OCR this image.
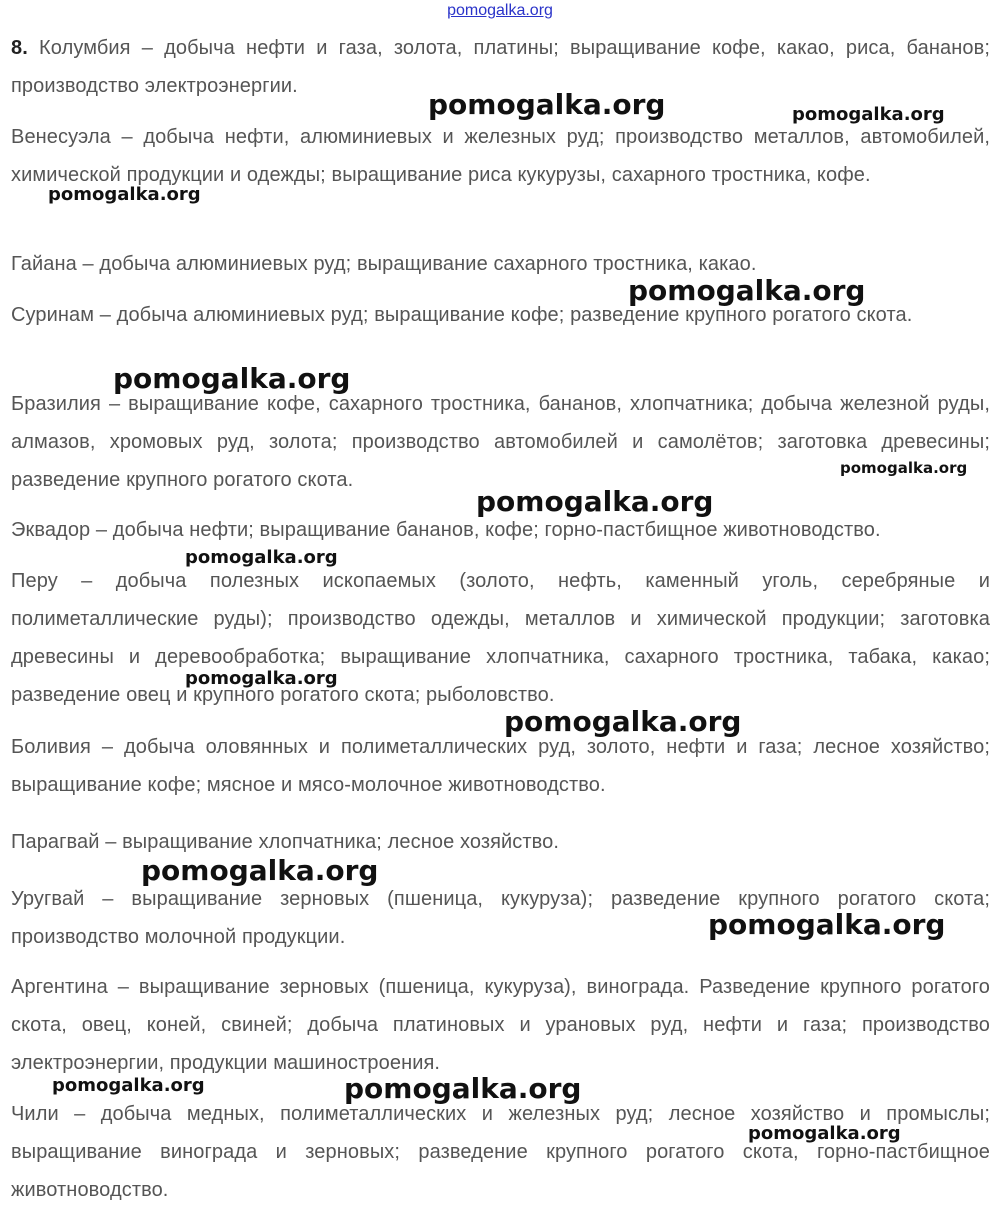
pomogalka.org
8. Колумбия – добыча нефти и газа, золота, платины; выращивание кофе, какао, риса, бананов; производство электроэнергии.
Венесуэла – добыча нефти, алюминиевых и железных руд; производство металлов, автомобилей, химической продукции и одежды; выращивание риса кукурузы, сахарного тростника, кофе.
Гайана – добыча алюминиевых руд; выращивание сахарного тростника, какао.
Суринам – добыча алюминиевых руд; выращивание кофе; разведение крупного рогатого скота.
Бразилия – выращивание кофе, сахарного тростника, бананов, хлопчатника; добыча железной руды, алмазов, хромовых руд, золота; производство автомобилей и самолётов; заготовка древесины; разведение крупного рогатого скота.
Эквадор – добыча нефти; выращивание бананов, кофе; горно-пастбищное животноводство.
Перу – добыча полезных ископаемых (золото, нефть, каменный уголь, серебряные и полиметаллические руды); производство одежды, металлов и химической продукции; заготовка древесины и деревообработка; выращивание хлопчатника, сахарного тростника, табака, какао; разведение овец и крупного рогатого скота; рыболовство.
Боливия – добыча оловянных и полиметаллических руд, золото, нефти и газа; лесное хозяйство; выращивание кофе; мясное и мясо-молочное животноводство.
Парагвай – выращивание хлопчатника; лесное хозяйство.
Уругвай – выращивание зерновых (пшеница, кукуруза); разведение крупного рогатого скота; производство молочной продукции.
Аргентина – выращивание зерновых (пшеница, кукуруза), винограда. Разведение крупного рогатого скота, овец, коней, свиней; добыча платиновых и урановых руд, нефти и газа; производство электроэнергии, продукции машиностроения.
Чили – добыча медных, полиметаллических и железных руд; лесное хозяйство и промыслы; выращивание винограда и зерновых; разведение крупного рогатого скота, горно-пастбищное животноводство.
pomogalka.org	pomogalka.org
pomogalka.org
pomogalka.org
pomogalka.org
pomogalka.org
pomogalka.org
pomogalka.org
pomogalka.org
pomogalka.org
pomogalka.org
pomogalka.org
pomogalka.org	pomogalka.org
pomogalka.org
